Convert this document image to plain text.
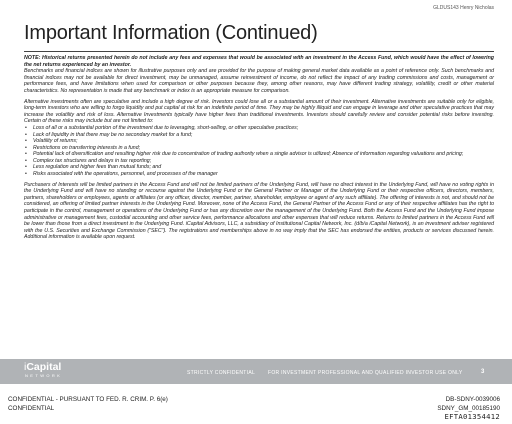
GLDUS143 Henry Nicholas
Important Information (Continued)

NOTE: Historical returns presented herein do not include any fees and expenses that would be associated with an investment in the Access Fund, which would have the effect of lowering the net returns experienced by an investor.

Benchmarks and financial indices are shown for illustrative purposes only and are provided for the purpose of making general market data available as a point of reference only. Such benchmarks and financial indices may not be available for direct investment, may be unmanaged, assume reinvestment of income, do not reflect the impact of any trading commissions and costs, management or performance fees, and have limitations when used for comparison or other purposes because they, among other reasons, may have different trading strategy, volatility, credit or other material characteristics. No representation is made that any benchmark or index is an appropriate measure for comparison.

Alternative investments often are speculative and include a high degree of risk. Investors could lose all or a substantial amount of their investment. Alternative investments are suitable only for eligible, long-term investors who are willing to forgo liquidity and put capital at risk for an indefinite period of time. They may be highly illiquid and can engage in leverage and other speculative practices that may increase the volatility and risk of loss. Alternative Investments typically have higher fees than traditional investments. Investors should carefully review and consider potential risks before investing. Certain of these risks may include but are not limited to:

• Loss of all or a substantial portion of the investment due to leveraging, short-selling, or other speculative practices;
• Lack of liquidity in that there may be no secondary market for a fund;
• Volatility of returns;
• Restrictions on transferring interests in a fund;
• Potential lack of diversification and resulting higher risk due to concentration of trading authority when a single advisor is utilized; Absence of information regarding valuations and pricing;
• Complex tax structures and delays in tax reporting;
• Less regulation and higher fees than mutual funds; and
• Risks associated with the operations, personnel, and processes of the manager

Purchasers of Interests will be limited partners in the Access Fund and will not be limited partners of the Underlying Fund, will have no direct interest in the Underlying Fund, will have no voting rights in the Underlying Fund and will have no standing or recourse against the Underlying Fund or the General Partner or Manager of the Underlying Fund or their respective officers, directors, members, partners, shareholders or employees, agents or affiliates (or any officer, director, member, partner, shareholder, employee or agent of any such affiliate). The offering of interests is not, and should not be considered, an offering of limited partner interests in the Underlying Fund. Moreover, none of the Access Fund, the General Partner of the Access Fund or any of their respective affiliates has the right to participate in the control, management or operations of the Underlying Fund or has any discretion over the management of the Underlying Fund. Both the Access Fund and the Underlying Fund impose administrative or management fees, custodial accounting and other service fees, performance allocations and other expenses that will reduce returns. Returns to limited partners in the Access Fund will be lower than those from a direct investment in the Underlying Fund. iCapital Advisors, LLC, a subsidiary of Institutional Capital Network, Inc. (d/b/a iCapital Network), is an investment adviser registered with the U.S. Securities and Exchange Commission (“SEC”). The registrations and memberships above in no way imply that the SEC has endorsed the entities, products or services discussed herein. Additional information is available upon request.

iCapital
NETWORK	STRICTLY CONFIDENTIAL	FOR INVESTMENT PROFESSIONAL AND QUALIFIED INVESTOR USE ONLY	3
CONFIDENTIAL - PURSUANT TO FED. R. CRIM. P. 6(e)
CONFIDENTIAL
DB-SDNY-0039006
SDNY_GM_00185190
EFTA01354412
